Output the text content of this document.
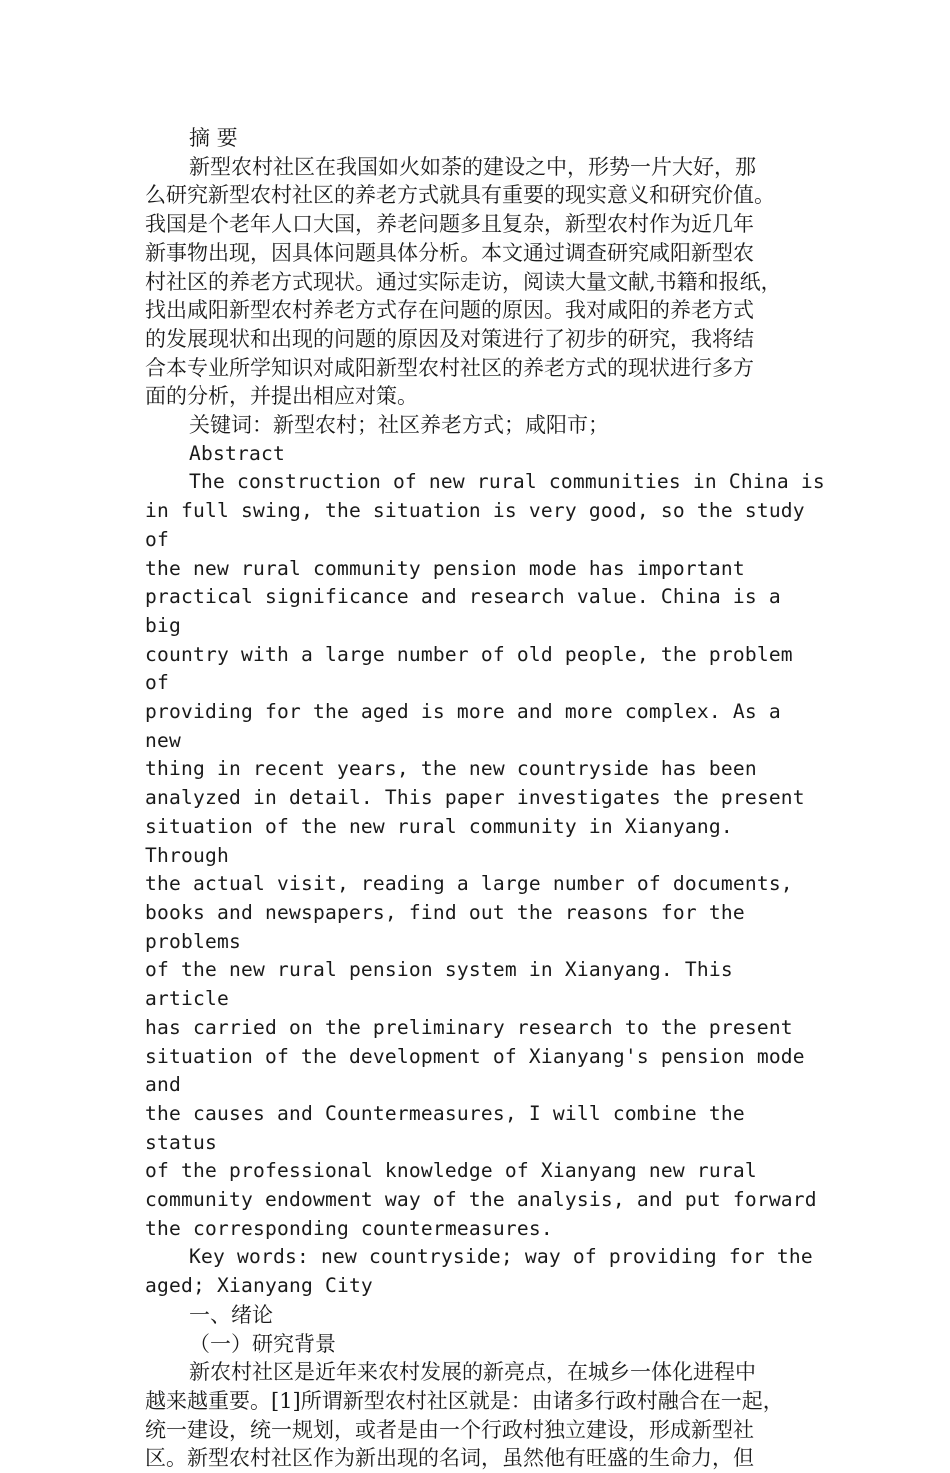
摘 要
新型农村社区在我国如火如荼的建设之中，形势一片大好，那
么研究新型农村社区的养老方式就具有重要的现实意义和研究价值。
我国是个老年人口大国，养老问题多且复杂，新型农村作为近几年
新事物出现，因具体问题具体分析。本文通过调查研究咸阳新型农
村社区的养老方式现状。通过实际走访，阅读大量文献,书籍和报纸，
找出咸阳新型农村养老方式存在问题的原因。我对咸阳的养老方式
的发展现状和出现的问题的原因及对策进行了初步的研究，我将结
合本专业所学知识对咸阳新型农村社区的养老方式的现状进行多方
面的分析，并提出相应对策。
关键词：新型农村；社区养老方式；咸阳市；
Abstract
The construction of new rural communities in China is
in full swing, the situation is very good, so the study of
the new rural community pension mode has important
practical significance and research value. China is a big
country with a large number of old people, the problem of
providing for the aged is more and more complex. As a new
thing in recent years, the new countryside has been
analyzed in detail. This paper investigates the present
situation of the new rural community in Xianyang. Through
the actual visit, reading a large number of documents,
books and newspapers, find out the reasons for the problems
of the new rural pension system in Xianyang. This article
has carried on the preliminary research to the present
situation of the development of Xianyang's pension mode and
the causes and Countermeasures, I will combine the status
of the professional knowledge of Xianyang new rural
community endowment way of the analysis, and put forward
the corresponding countermeasures.
Key words: new countryside; way of providing for the
aged; Xianyang City
一、绪论
（一）研究背景
新农村社区是近年来农村发展的新亮点，在城乡一体化进程中
越来越重要。[1]所谓新型农村社区就是：由诸多行政村融合在一起，
统一建设，统一规划，或者是由一个行政村独立建设，形成新型社
区。新型农村社区作为新出现的名词，虽然他有旺盛的生命力，但
